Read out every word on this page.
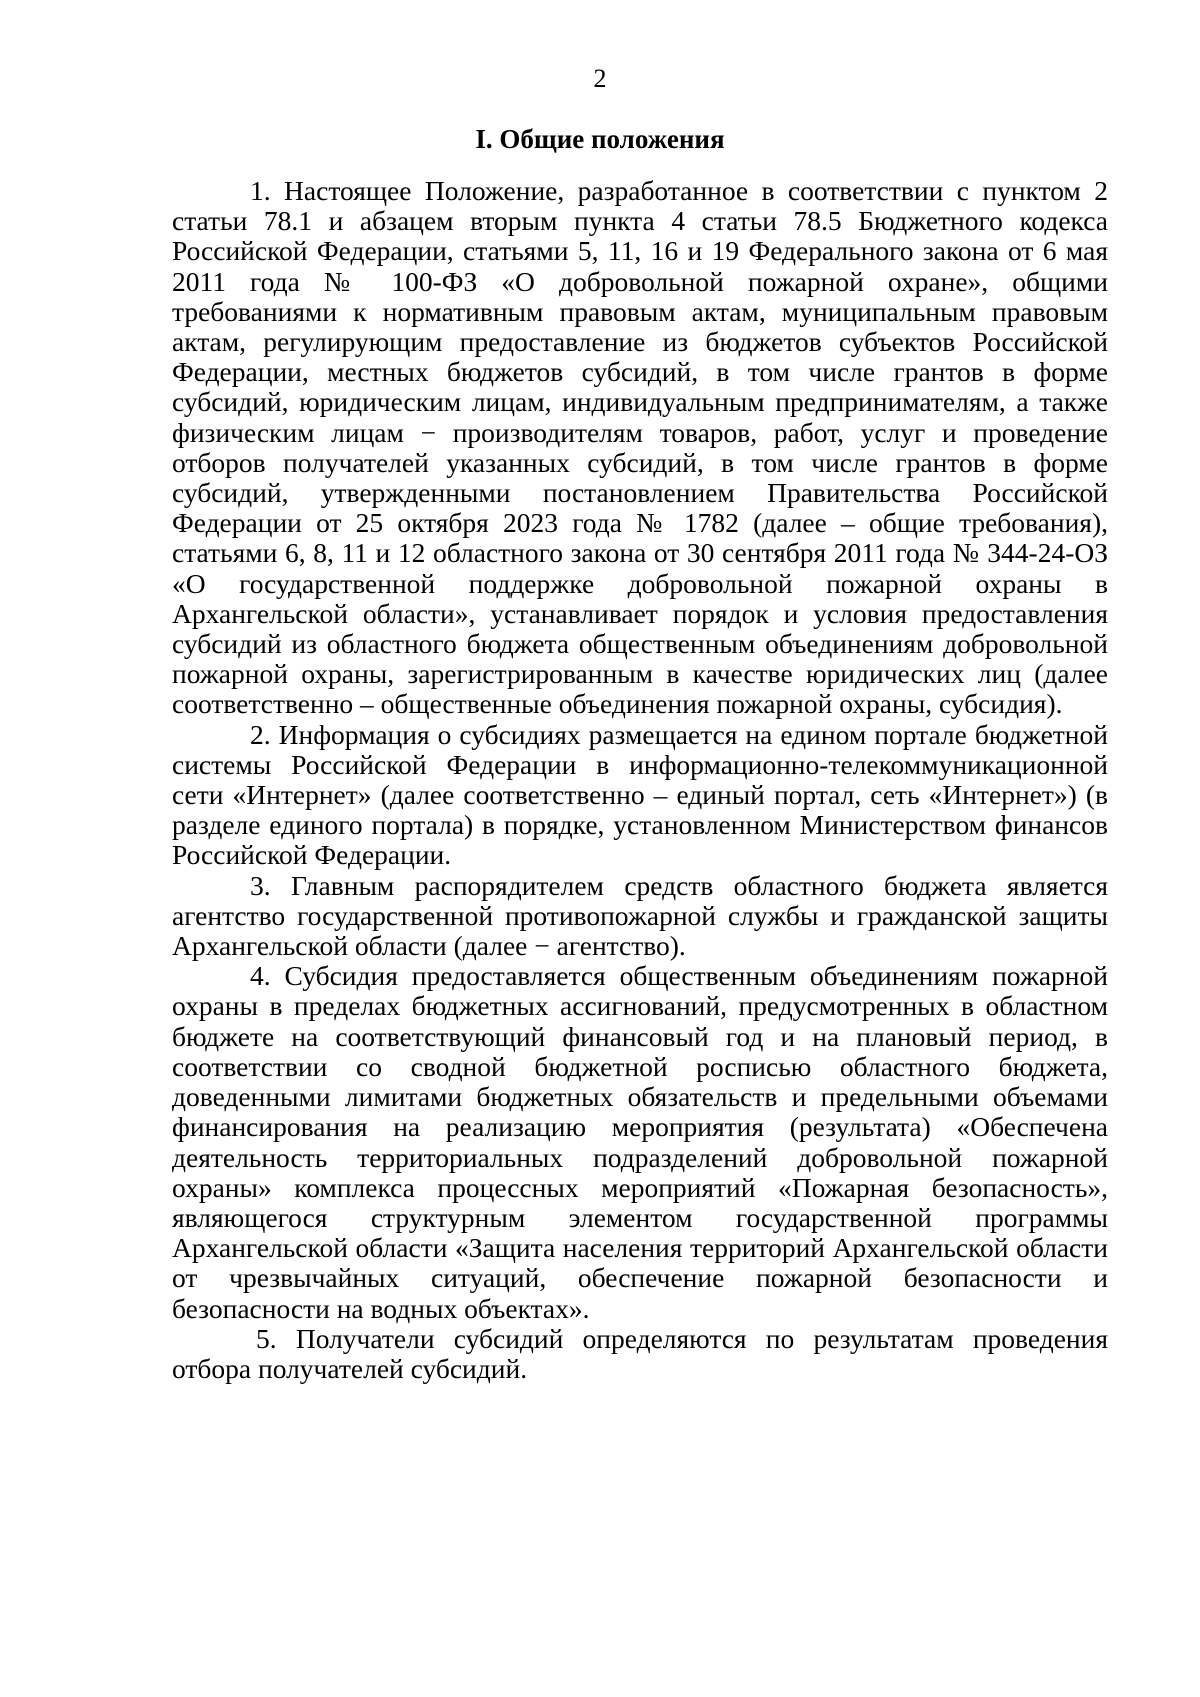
2
I. Общие положения

1. Настоящее Положение, разработанное в соответствии с пунктом 2 статьи 78.1 и абзацем вторым пункта 4 статьи 78.5 Бюджетного кодекса Российской Федерации, статьями 5, 11, 16 и 19 Федерального закона от 6 мая 2011 года № 100-ФЗ «О добровольной пожарной охране», общими требованиями к нормативным правовым актам, муниципальным правовым актам, регулирующим предоставление из бюджетов субъектов Российской Федерации, местных бюджетов субсидий, в том числе грантов в форме субсидий, юридическим лицам, индивидуальным предпринимателям, а также физическим лицам − производителям товаров, работ, услуг и проведение отборов получателей указанных субсидий, в том числе грантов в форме субсидий, утвержденными постановлением Правительства Российской Федерации от 25 октября 2023 года № 1782 (далее – общие требования), статьями 6, 8, 11 и 12 областного закона от 30 сентября 2011 года № 344-24-ОЗ «О государственной поддержке добровольной пожарной охраны в Архангельской области», устанавливает порядок и условия предоставления субсидий из областного бюджета общественным объединениям добровольной пожарной охраны, зарегистрированным в качестве юридических лиц (далее соответственно – общественные объединения пожарной охраны, субсидия).

2. Информация о субсидиях размещается на едином портале бюджетной системы Российской Федерации в информационно-телекоммуникационной сети «Интернет» (далее соответственно – единый портал, сеть «Интернет») (в разделе единого портала) в порядке, установленном Министерством финансов Российской Федерации.

3. Главным распорядителем средств областного бюджета является агентство государственной противопожарной службы и гражданской защиты Архангельской области (далее − агентство).

4. Субсидия предоставляется общественным объединениям пожарной охраны в пределах бюджетных ассигнований, предусмотренных в областном бюджете на соответствующий финансовый год и на плановый период, в соответствии со сводной бюджетной росписью областного бюджета, доведенными лимитами бюджетных обязательств и предельными объемами финансирования на реализацию мероприятия (результата) «Обеспечена деятельность территориальных подразделений добровольной пожарной охраны» комплекса процессных мероприятий «Пожарная безопасность», являющегося структурным элементом государственной программы Архангельской области «Защита населения территорий Архангельской области от чрезвычайных ситуаций, обеспечение пожарной безопасности и безопасности на водных объектах».

5. Получатели субсидий определяются по результатам проведения отбора получателей субсидий.
